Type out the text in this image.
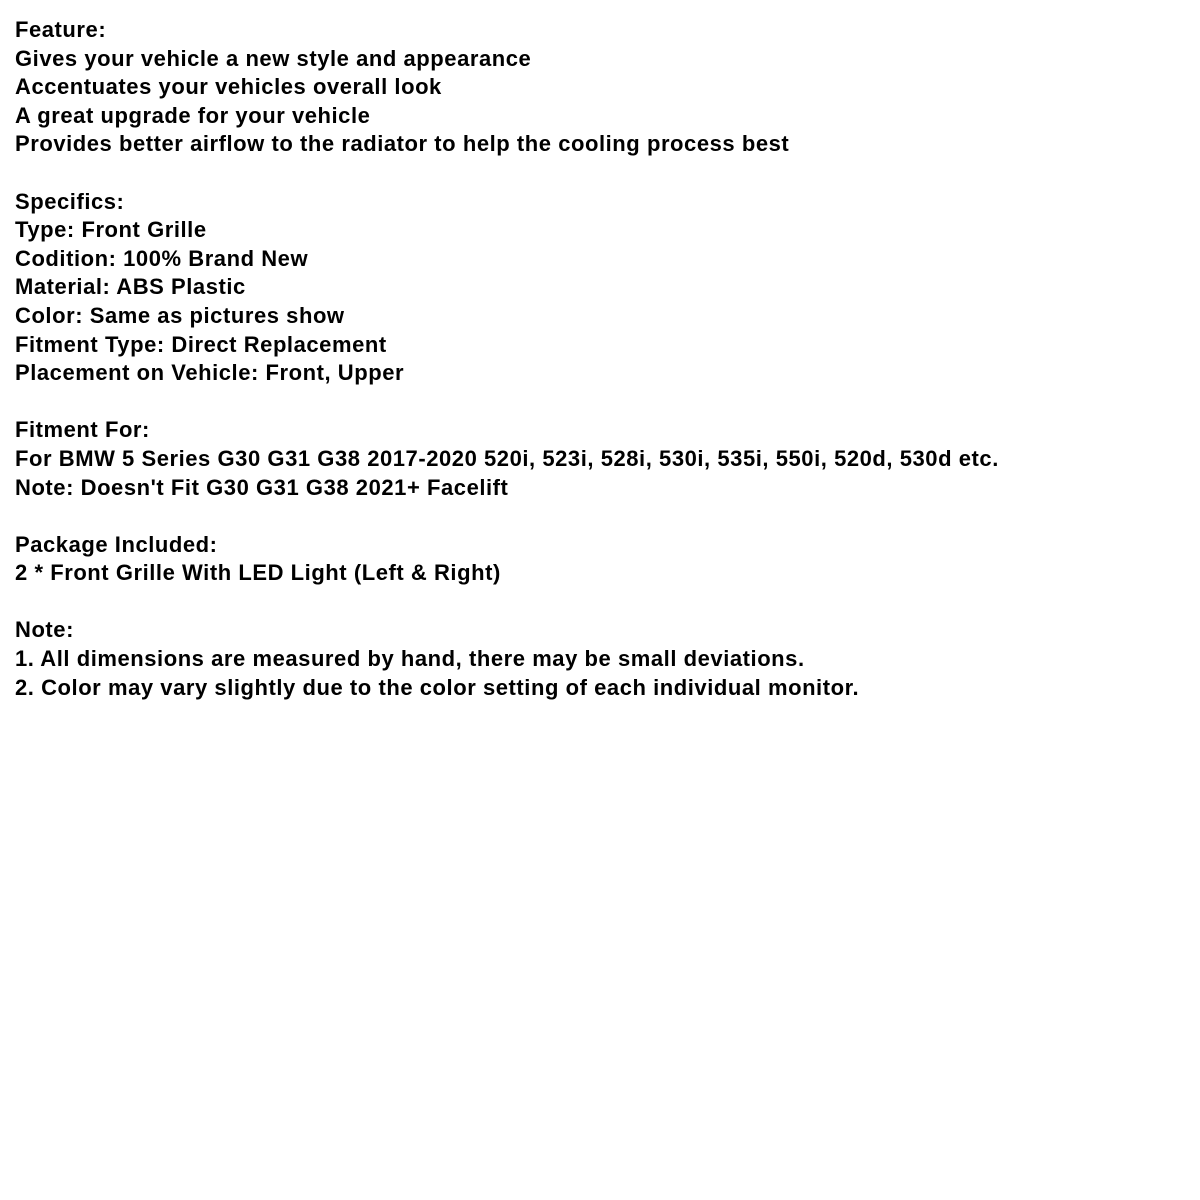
Feature:
Gives your vehicle a new style and appearance
Accentuates your vehicles overall look
A great upgrade for your vehicle
Provides better airflow to the radiator to help the cooling process best
Specifics:
Type: Front Grille
Codition: 100% Brand New
Material: ABS Plastic
Color: Same as pictures show
Fitment Type: Direct Replacement
Placement on Vehicle: Front, Upper
Fitment For:
For BMW 5 Series G30 G31 G38 2017-2020 520i, 523i, 528i, 530i, 535i, 550i, 520d, 530d etc.
Note: Doesn't Fit G30 G31 G38 2021+ Facelift
Package Included:
2 * Front Grille With LED Light (Left & Right)
Note:
1. All dimensions are measured by hand, there may be small deviations.
2. Color may vary slightly due to the color setting of each individual monitor.
